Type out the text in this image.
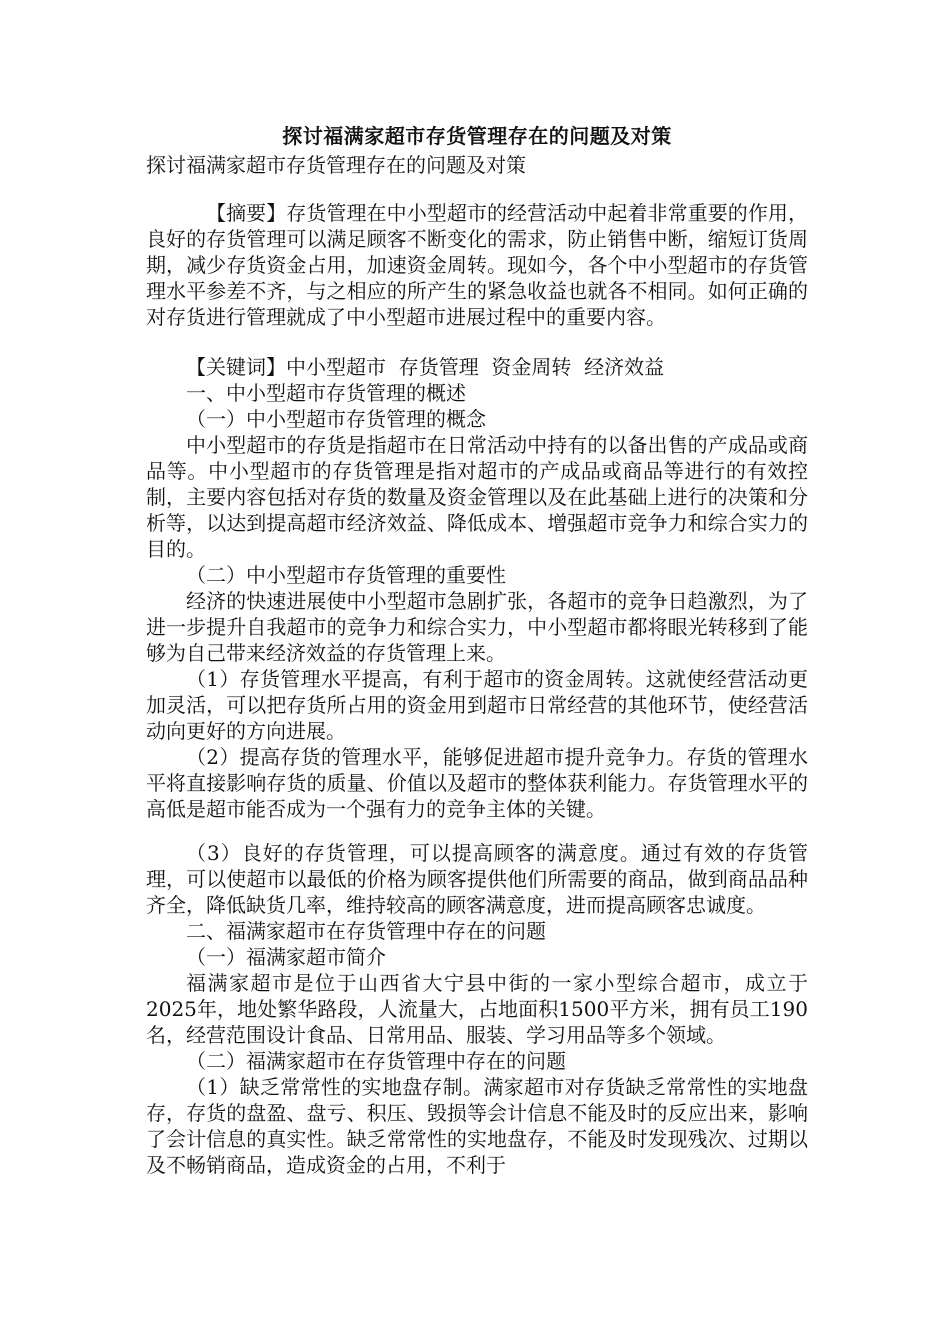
探讨福满家超市存货管理存在的问题及对策
探讨福满家超市存货管理存在的问题及对策

【摘要】存货管理在中小型超市的经营活动中起着非常重要的作用，良好的存货管理可以满足顾客不断变化的需求，防止销售中断，缩短订货周期，减少存货资金占用，加速资金周转。现如今，各个中小型超市的存货管理水平参差不齐，与之相应的所产生的紧急收益也就各不相同。如何正确的对存货进行管理就成了中小型超市进展过程中的重要内容。

【关键词】中小型超市  存货管理  资金周转  经济效益

一、中小型超市存货管理的概述

（一）中小型超市存货管理的概念

中小型超市的存货是指超市在日常活动中持有的以备出售的产成品或商品等。中小型超市的存货管理是指对超市的产成品或商品等进行的有效控制，主要内容包括对存货的数量及资金管理以及在此基础上进行的决策和分析等，以达到提高超市经济效益、降低成本、增强超市竞争力和综合实力的目的。

（二）中小型超市存货管理的重要性

经济的快速进展使中小型超市急剧扩张，各超市的竞争日趋激烈，为了进一步提升自我超市的竞争力和综合实力，中小型超市都将眼光转移到了能够为自己带来经济效益的存货管理上来。

（1）存货管理水平提高，有利于超市的资金周转。这就使经营活动更加灵活，可以把存货所占用的资金用到超市日常经营的其他环节，使经营活动向更好的方向进展。

（2）提高存货的管理水平，能够促进超市提升竞争力。存货的管理水平将直接影响存货的质量、价值以及超市的整体获利能力。存货管理水平的高低是超市能否成为一个强有力的竞争主体的关键。

（3）良好的存货管理，可以提高顾客的满意度。通过有效的存货管理，可以使超市以最低的价格为顾客提供他们所需要的商品，做到商品品种齐全，降低缺货几率，维持较高的顾客满意度，进而提高顾客忠诚度。

二、福满家超市在存货管理中存在的问题

（一）福满家超市简介

福满家超市是位于山西省大宁县中街的一家小型综合超市，成立于2025年，地处繁华路段，人流量大，占地面积1500平方米，拥有员工190名，经营范围设计食品、日常用品、服装、学习用品等多个领域。

（二）福满家超市在存货管理中存在的问题

（1）缺乏常常性的实地盘存制。满家超市对存货缺乏常常性的实地盘存，存货的盘盈、盘亏、积压、毁损等会计信息不能及时的反应出来，影响了会计信息的真实性。缺乏常常性的实地盘存，不能及时发现残次、过期以及不畅销商品，造成资金的占用，不利于
